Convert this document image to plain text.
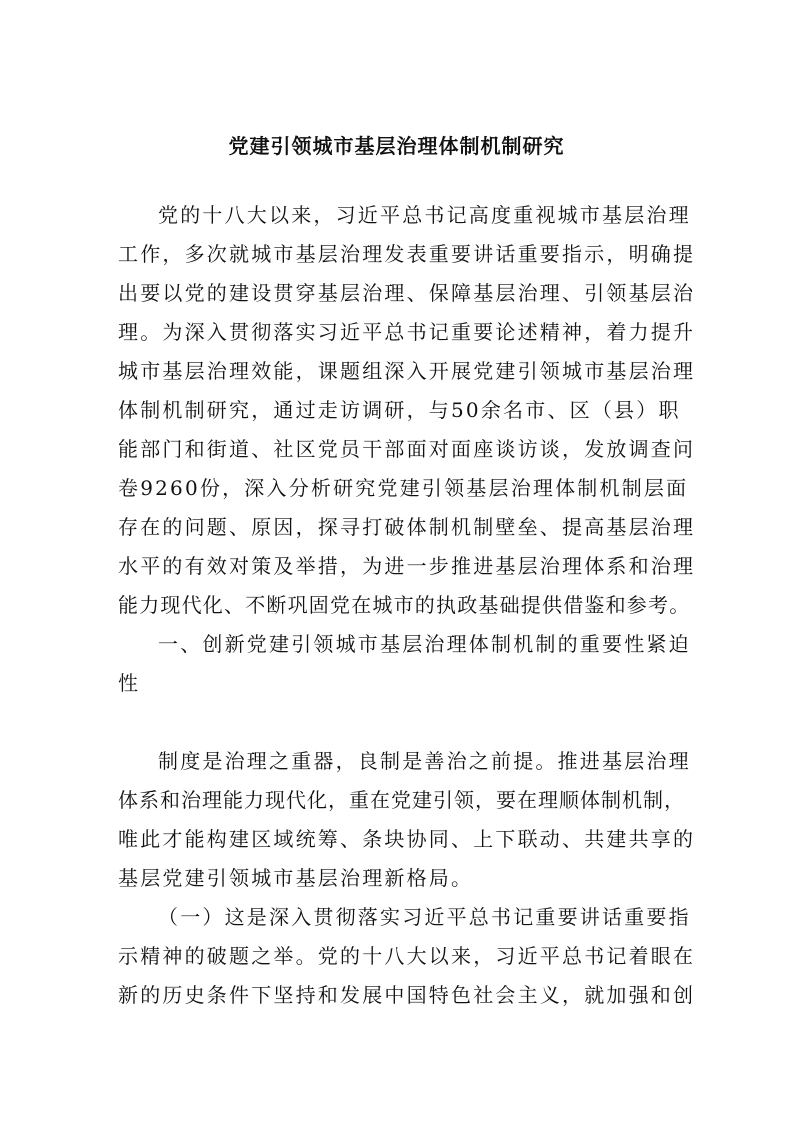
党建引领城市基层治理体制机制研究
党的十八大以来，习近平总书记高度重视城市基层治理
工作，多次就城市基层治理发表重要讲话重要指示，明确提
出要以党的建设贯穿基层治理、保障基层治理、引领基层治
理。为深入贯彻落实习近平总书记重要论述精神，着力提升
城市基层治理效能，课题组深入开展党建引领城市基层治理
体制机制研究，通过走访调研，与50余名市、区（县）职
能部门和街道、社区党员干部面对面座谈访谈，发放调查问
卷9260份，深入分析研究党建引领基层治理体制机制层面
存在的问题、原因，探寻打破体制机制壁垒、提高基层治理
水平的有效对策及举措，为进一步推进基层治理体系和治理
能力现代化、不断巩固党在城市的执政基础提供借鉴和参考。
一、创新党建引领城市基层治理体制机制的重要性紧迫
性
制度是治理之重器，良制是善治之前提。推进基层治理
体系和治理能力现代化，重在党建引领，要在理顺体制机制，
唯此才能构建区域统筹、条块协同、上下联动、共建共享的
基层党建引领城市基层治理新格局。
（一）这是深入贯彻落实习近平总书记重要讲话重要指
示精神的破题之举。党的十八大以来，习近平总书记着眼在
新的历史条件下坚持和发展中国特色社会主义，就加强和创
